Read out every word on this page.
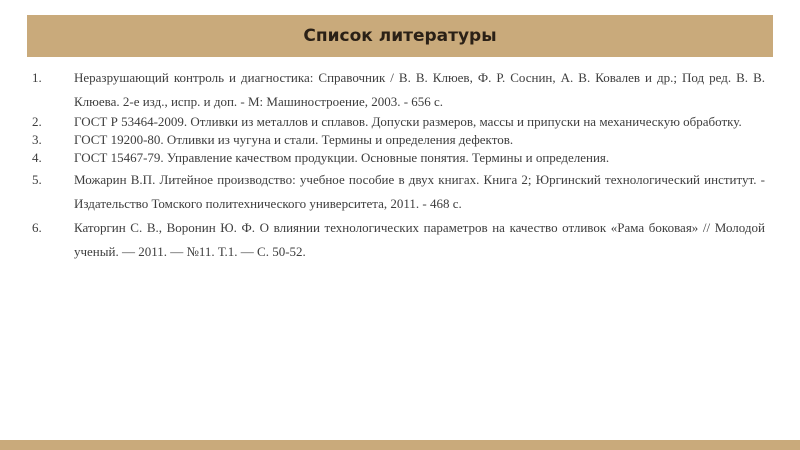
Список литературы
1.	Неразрушающий контроль и диагностика: Справочник / В. В. Клюев, Ф. Р. Соснин, А. В. Ковалев и др.; Под ред. В. В. Клюева. 2-е изд., испр. и доп. - М: Машиностроение, 2003. - 656 с.
2.	ГОСТ Р 53464-2009. Отливки из металлов и сплавов. Допуски размеров, массы и припуски на механическую обработку.
3.	ГОСТ 19200-80. Отливки из чугуна и стали. Термины и определения дефектов.
4.	ГОСТ 15467-79. Управление качеством продукции. Основные понятия. Термины и определения.
5.	Можарин В.П. Литейное производство: учебное пособие в двух книгах. Книга 2; Юргинский технологический институт. - Издательство Томского политехнического университета, 2011. - 468 с.
6.	Каторгин С. В., Воронин Ю. Ф. О влиянии технологических параметров на качество отливок «Рама боковая» // Молодой ученый. — 2011. — №11. Т.1. — С. 50-52.
